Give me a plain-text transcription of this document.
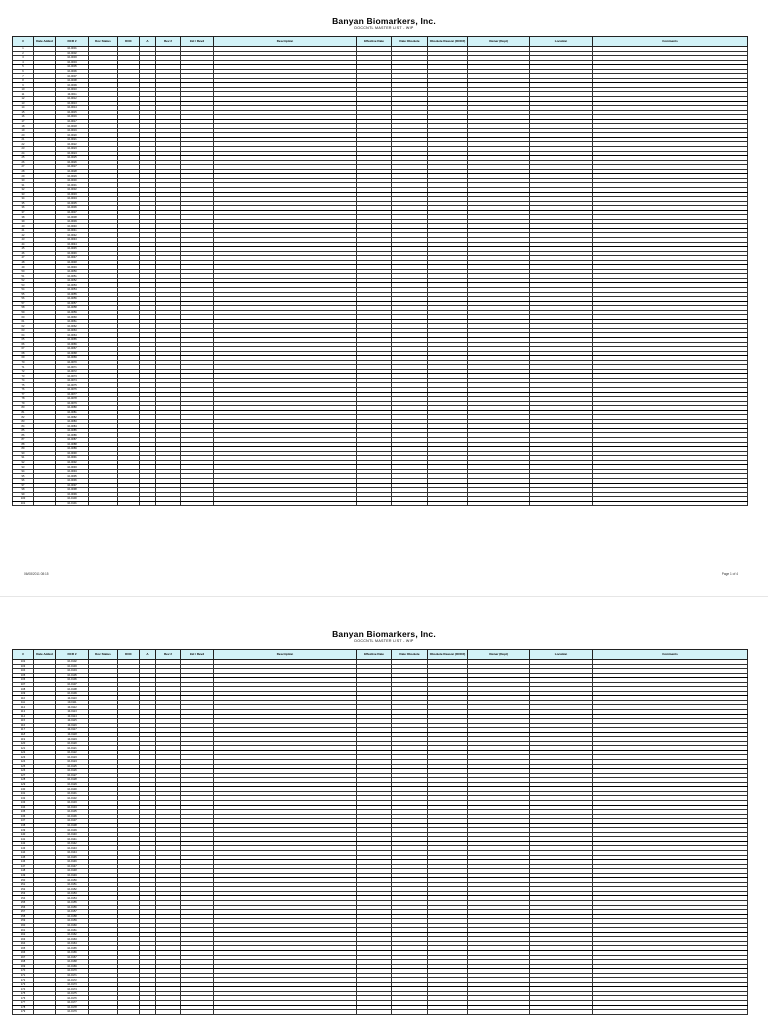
Banyan Biomarkers, Inc.

DOCCNTL MASTER LIST - WIP

#	Date Added	DCR #	Doc Status	DOC	A	Rev #	Init / Revd	Description	Effective Date	Date Obsolete	Obsolete Reason (DCR#)	Owner (Dept)	Location	Comments
1		10-0001												
2		10-0002												
3		10-0003												
4		10-0004												
5		10-0005												
6		10-0006												
7		10-0007												
8		10-0008												
9		10-0009												
10		10-0010												
11		10-0011												
12		10-0012												
13		10-0013												
14		10-0014												
15		10-0015												
16		10-0016												
17		10-0017												
18		10-0018												
19		10-0019												
20		10-0020												
21		10-0021												
22		10-0022												
23		10-0023												
24		10-0024												
25		10-0025												
26		10-0026												
27		10-0027												
28		10-0028												
29		10-0029												
30		10-0030												
31		10-0031												
32		10-0032												
33		10-0033												
34		10-0034												
35		10-0035												
36		10-0036												
37		10-0037												
38		10-0038												
39		10-0039												
40		10-0040												
41		10-0041												
42		10-0042												
43		10-0043												
44		10-0044												
45		10-0045												
46		10-0046												
47		10-0047												
48		10-0048												
49		10-0049												
50		10-0050												
51		10-0051												
52		10-0052												
53		10-0053												
54		10-0054												
55		10-0055												
56		10-0056												
57		10-0057												
58		10-0058												
59		10-0059												
60		10-0060												
61		10-0061												
62		10-0062												
63		10-0063												
64		10-0064												
65		10-0065												
66		10-0066												
67		10-0067												
68		10-0068												
69		10-0069												
70		10-0070												
71		10-0071												
72		10-0072												
73		10-0073												
74		10-0074												
75		10-0075												
76		10-0076												
77		10-0077												
78		10-0078												
79		10-0079												
80		10-0080												
81		10-0081												
82		10-0082												
83		10-0083												
84		10-0084												
85		10-0085												
86		10-0086												
87		10-0087												
88		10-0088												
89		10-0089												
90		10-0090												
91		10-0091												
92		10-0092												
93		10-0093												
94		10-0094												
95		10-0095												
96		10-0096												
97		10-0097												
98		10-0098												
99		10-0099												
100		10-0100												
101		10-0101												

06/08/2011 08:15	Page 1 of 4

Banyan Biomarkers, Inc.

DOCCNTL MASTER LIST - WIP

#	Date Added	DCR #	Doc Status	DOC	A	Rev #	Init / Revd	Description	Effective Date	Date Obsolete	Obsolete Reason (DCR#)	Owner (Dept)	Location	Comments
102		10-0102												
103		10-0103												
104		10-0104												
105		10-0105												
106		10-0106												
107		10-0107												
108		10-0108												
109		10-0109												
110		10-0110												
111		10-0111												
112		10-0112												
113		10-0113												
114		10-0114												
115		10-0115												
116		10-0116												
117		10-0117												
118		10-0118												
119		10-0119												
120		10-0120												
121		10-0121												
122		10-0122												
123		10-0123												
124		10-0124												
125		10-0125												
126		10-0126												
127		10-0127												
128		10-0128												
129		10-0129												
130		10-0130												
131		10-0131												
132		10-0132												
133		10-0133												
134		10-0134												
135		10-0135												
136		10-0136												
137		10-0137												
138		10-0138												
139		10-0139												
140		10-0140												
141		10-0141												
142		10-0142												
143		10-0143												
144		10-0144												
145		10-0145												
146		10-0146												
147		10-0147												
148		10-0148												
149		10-0149												
150		10-0150												
151		10-0151												
152		10-0152												
153		10-0153												
154		10-0154												
155		10-0155												
156		10-0156												
157		10-0157												
158		10-0158												
159		10-0159												
160		10-0160												
161		10-0161												
162		10-0162												
163		10-0163												
164		10-0164												
165		10-0165												
166		10-0166												
167		10-0167												
168		10-0168												
169		10-0169												
170		10-0170												
171		10-0171												
172		10-0172												
173		10-0173												
174		10-0174												
175		10-0175												
176		10-0176												
177		10-0177												
178		10-0178												
179		10-0179												
